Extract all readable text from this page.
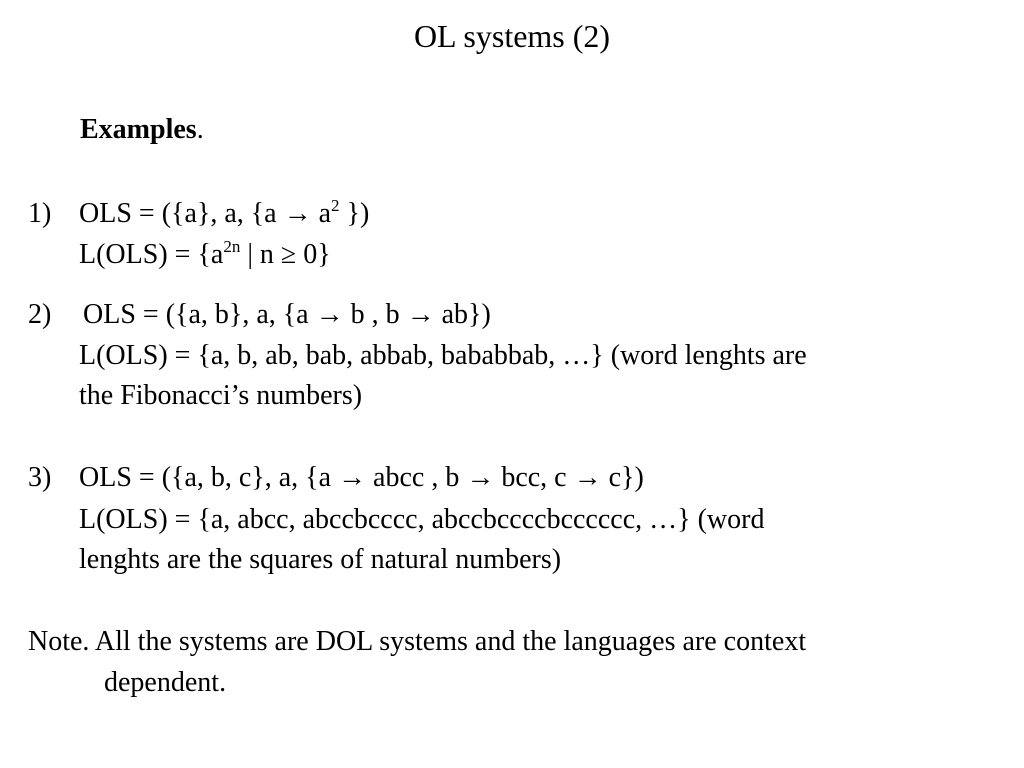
OL systems (2)
Examples.
1) OLS = ({a}, a, {$a \to a^2$ })
$L(OLS) = \{a^{2n}$ | n ≥ 0}
2) OLS = ({a, b}, a, {a → b , b → ab})
L(OLS) = {a, b, ab, bab, abbab, bababbab, …} (word lenghts are
the Fibonacci’s numbers)
3) OLS = ({a, b, c}, a, {a → abcc , b → bcc, c → c})
L(OLS) = {a, abcc, abccbcccc, abccbccccbcccccc, …} (word
lenghts are the squares of natural numbers)
Note. All the systems are DOL systems and the languages are context
dependent.
